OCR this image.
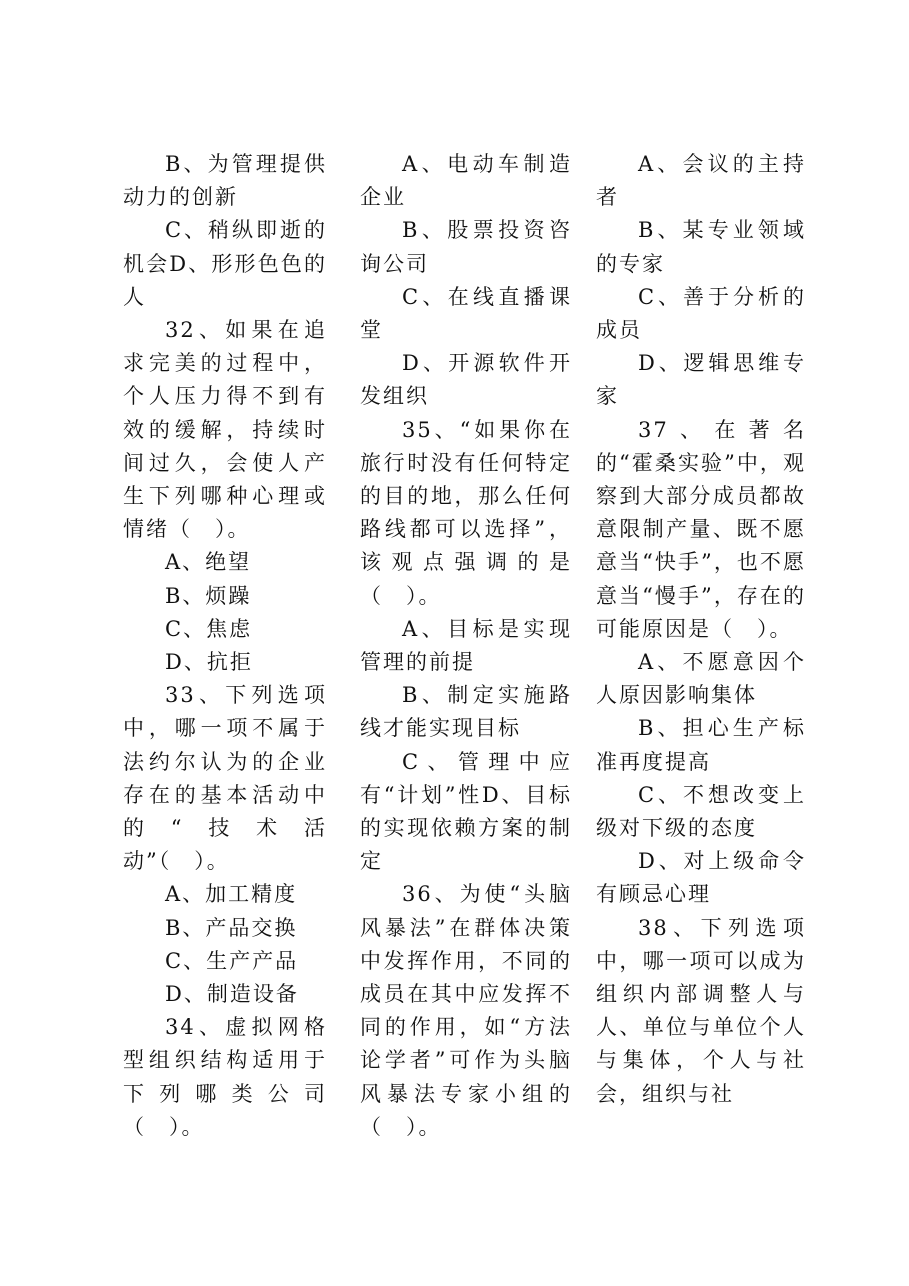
B、为管理提供动力的创新

C、稍纵即逝的机会D、形形色色的人

32、如果在追求完美的过程中，个人压力得不到有效的缓解，持续时间过久，会使人产生下列哪种心理或情绪（　）。

A、绝望

B、烦躁

C、焦虑

D、抗拒

33、下列选项中，哪一项不属于法约尔认为的企业存在的基本活动中的“技术活动”（　）。

A、加工精度

B、产品交换

C、生产产品

D、制造设备

34、虚拟网格型组织结构适用于下列哪类公司（　）。

A、电动车制造企业

B、股票投资咨询公司

C、在线直播课堂

D、开源软件开发组织

35、“如果你在旅行时没有任何特定的目的地，那么任何路线都可以选择”，该观点强调的是（　）。

A、目标是实现管理的前提

B、制定实施路线才能实现目标

C、管理中应有“计划”性D、目标的实现依赖方案的制定

36、为使“头脑风暴法”在群体决策中发挥作用，不同的成员在其中应发挥不同的作用，如“方法论学者”可作为头脑风暴法专家小组的（　）。

A、会议的主持者

B、某专业领域的专家

C、善于分析的成员

D、逻辑思维专家

37、在著名的“霍桑实验”中，观察到大部分成员都故意限制产量、既不愿意当“快手”，也不愿意当“慢手”，存在的可能原因是（　）。

A、不愿意因个人原因影响集体

B、担心生产标准再度提高

C、不想改变上级对下级的态度

D、对上级命令有顾忌心理

38、下列选项中，哪一项可以成为组织内部调整人与人、单位与单位个人与集体，个人与社会，组织与社
